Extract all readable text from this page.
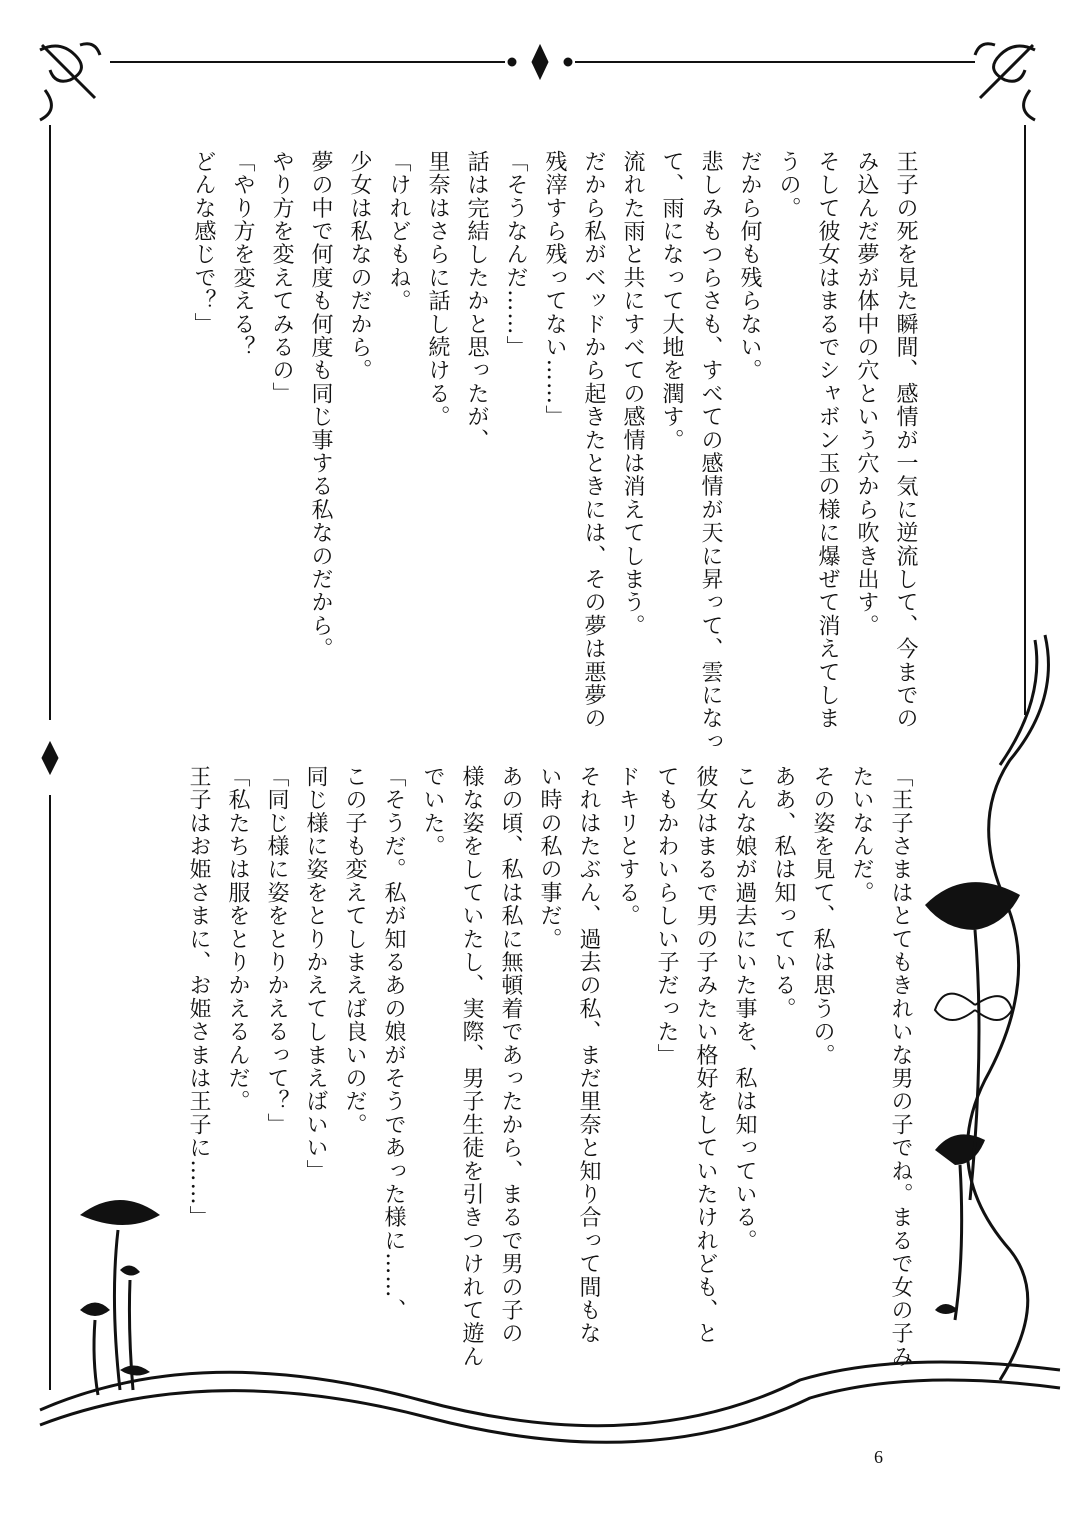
王子の死を見た瞬間、感情が一気に逆流して、今までの
み込んだ夢が体中の穴という穴から吹き出す。
そして彼女はまるでシャボン玉の様に爆ぜて消えてしま
うの。
だから何も残らない。
悲しみもつらさも、すべての感情が天に昇って、雲になっ
て、雨になって大地を潤す。
流れた雨と共にすべての感情は消えてしまう。
だから私がベッドから起きたときには、その夢は悪夢の
残滓すら残ってない……」
「そうなんだ……」
話は完結したかと思ったが、
里奈はさらに話し続ける。
「けれどもね。
少女は私なのだから。
夢の中で何度も何度も同じ事する私なのだから。
やり方を変えてみるの」
「やり方を変える？
どんな感じで？」
「王子さまはとてもきれいな男の子でね。まるで女の子み
たいなんだ。
その姿を見て、私は思うの。
ああ、私は知っている。
こんな娘が過去にいた事を、私は知っている。
彼女はまるで男の子みたい格好をしていたけれども、と
てもかわいらしい子だった」
ドキリとする。
それはたぶん、過去の私、まだ里奈と知り合って間もな
い時の私の事だ。
あの頃、私は私に無頓着であったから、まるで男の子の
様な姿をしていたし、実際、男子生徒を引きつけれて遊ん
でいた。
「そうだ。私が知るあの娘がそうであった様に……、
この子も変えてしまえば良いのだ。
同じ様に姿をとりかえてしまえばいい」
「同じ様に姿をとりかえるって？」
「私たちは服をとりかえるんだ。
王子はお姫さまに、お姫さまは王子に……」
6
